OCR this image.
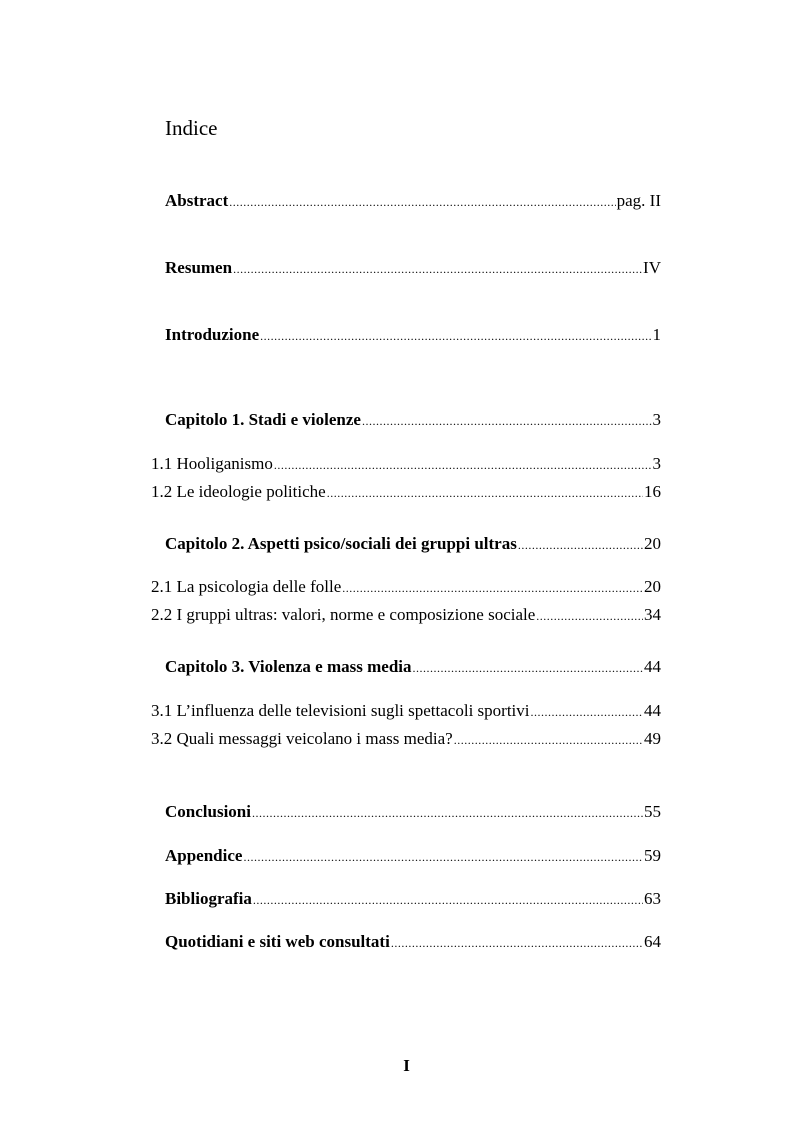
Indice
Abstract .....	pag. II
Resumen .....	IV
Introduzione .....	1
Capitolo 1. Stadi e violenze .....	3
1.1 Hooliganismo .....	3
1.2 Le ideologie politiche .....	16
Capitolo 2. Aspetti psico/sociali dei gruppi ultras .....	20
2.1 La psicologia delle folle .....	20
2.2 I gruppi ultras: valori, norme e composizione sociale .....	34
Capitolo 3. Violenza e mass media .....	44
3.1 L’influenza delle televisioni sugli spettacoli sportivi .....	44
3.2 Quali messaggi veicolano i mass media? .....	49
Conclusioni .....	55
Appendice .....	59
Bibliografia .....	63
Quotidiani e siti web consultati .....	64
I
